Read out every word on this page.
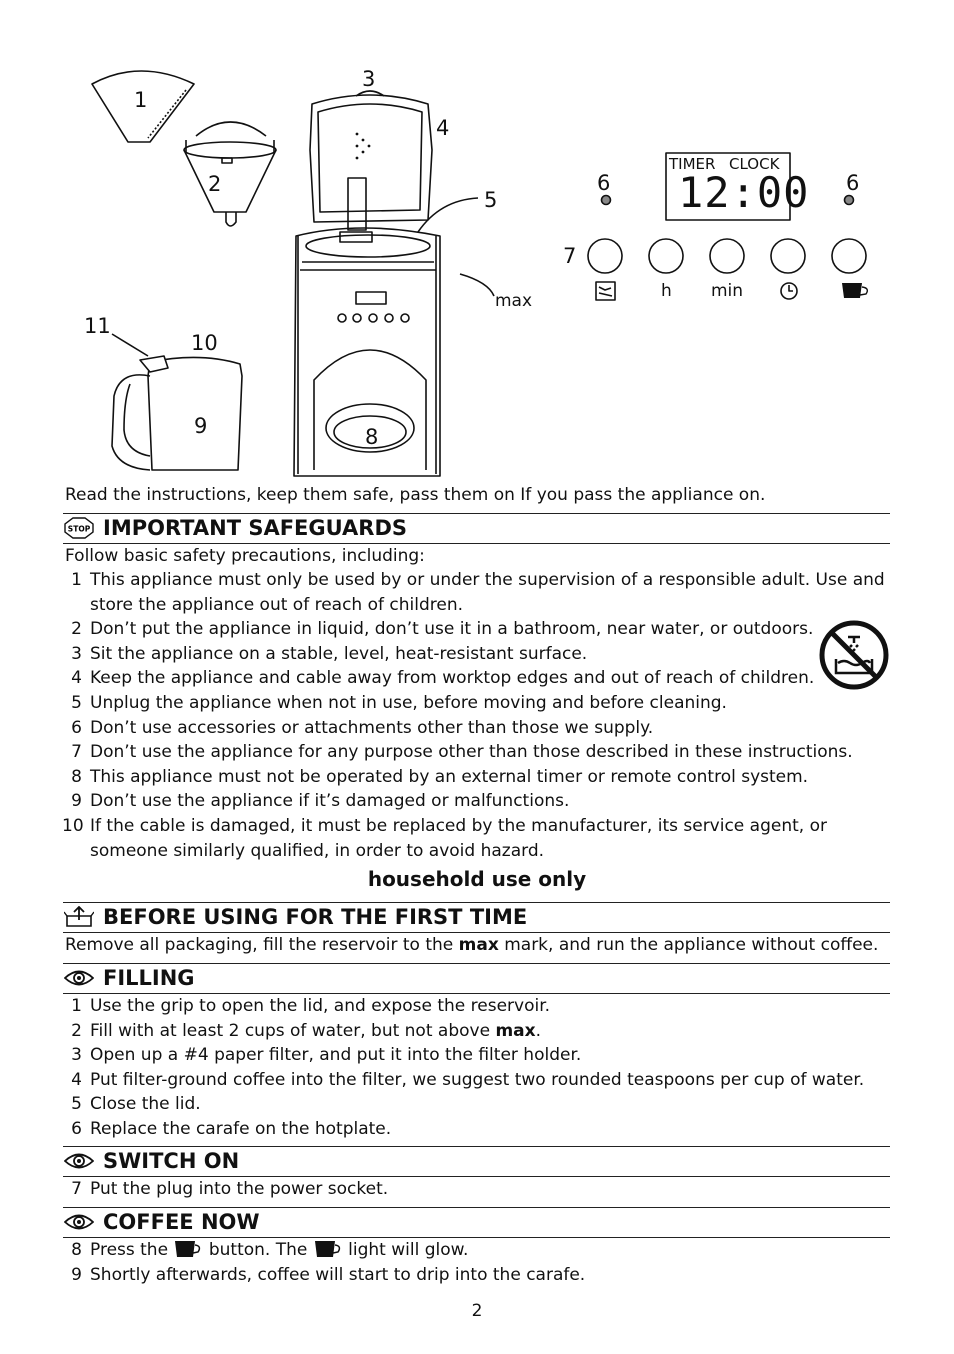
1
2
3
4
5
6	6
7
8
9
10
11
max
TIMER CLOCK
12:00
h min
Read the instructions, keep them safe, pass them on If you pass the appliance on.
STOP IMPORTANT SAFEGUARDS
Follow basic safety precautions, including:
1 This appliance must only be used by or under the supervision of a responsible adult. Use and
store the appliance out of reach of children.
2 Don’t put the appliance in liquid, don’t use it in a bathroom, near water, or outdoors.
3 Sit the appliance on a stable, level, heat-resistant surface.
4 Keep the appliance and cable away from worktop edges and out of reach of children.
5 Unplug the appliance when not in use, before moving and before cleaning.
6 Don’t use accessories or attachments other than those we supply.
7 Don’t use the appliance for any purpose other than those described in these instructions.
8 This appliance must not be operated by an external timer or remote control system.
9 Don’t use the appliance if it’s damaged or malfunctions.
10 If the cable is damaged, it must be replaced by the manufacturer, its service agent, or
someone similarly qualified, in order to avoid hazard.
household use only
BEFORE USING FOR THE FIRST TIME
Remove all packaging, fill the reservoir to the max mark, and run the appliance without coffee.
FILLING
1 Use the grip to open the lid, and expose the reservoir.
2 Fill with at least 2 cups of water, but not above max.
3 Open up a #4 paper filter, and put it into the filter holder.
4 Put filter-ground coffee into the filter, we suggest two rounded teaspoons per cup of water.
5 Close the lid.
6 Replace the carafe on the hotplate.
SWITCH ON
7 Put the plug into the power socket.
COFFEE NOW
8 Press the  button. The  light will glow.
9 Shortly afterwards, coffee will start to drip into the carafe.
2
